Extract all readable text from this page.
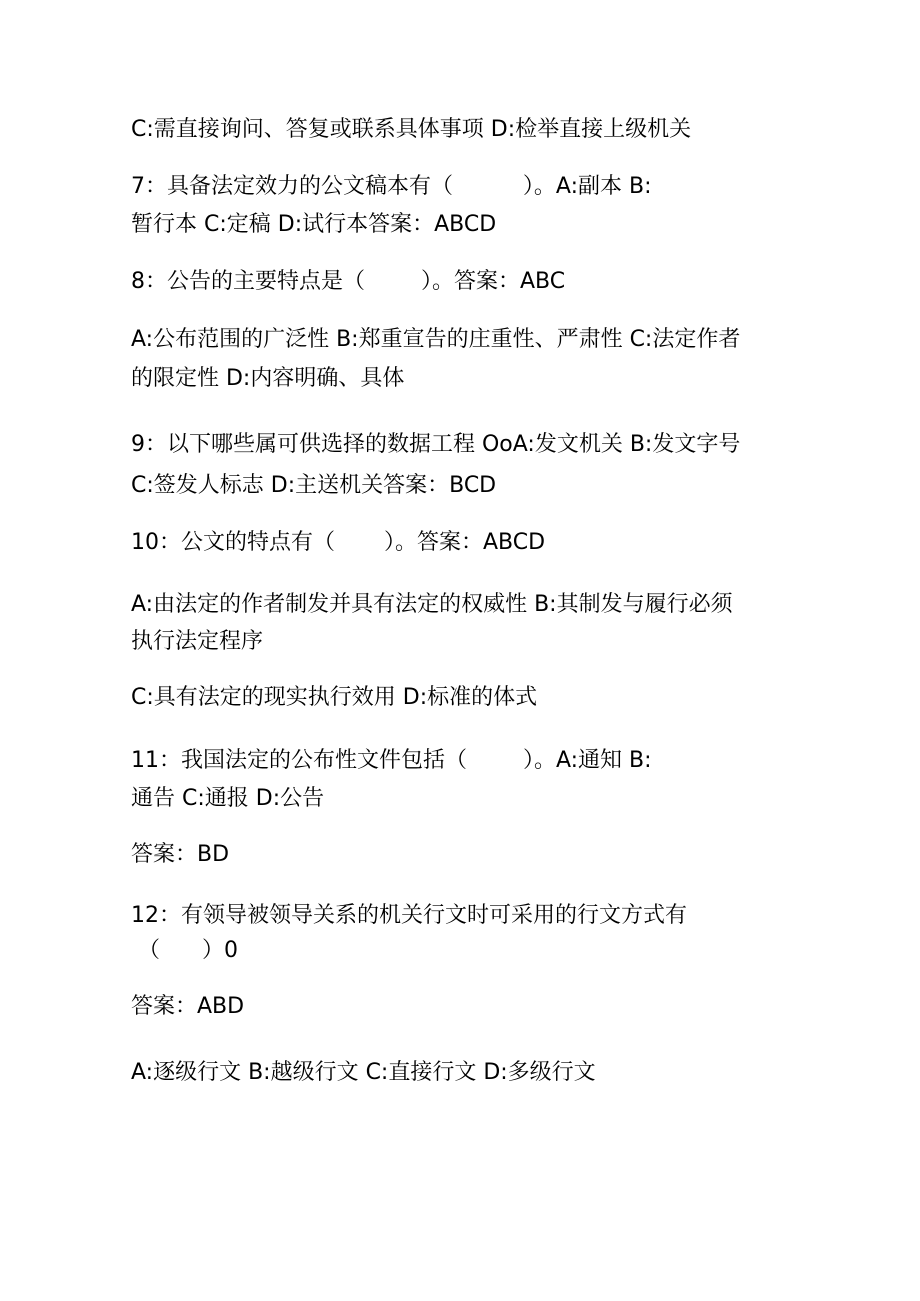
C:需直接询问、答复或联系具体事项 D:检举直接上级机关

7：具备法定效力的公文稿本有（          ）。A:副本 B:

暂行本 C:定稿 D:试行本答案：ABCD

8：公告的主要特点是（        ）。答案：ABC

A:公布范围的广泛性 B:郑重宣告的庄重性、严肃性 C:法定作者

的限定性 D:内容明确、具体

9：以下哪些属可供选择的数据工程 OoA:发文机关 B:发文字号

C:签发人标志 D:主送机关答案：BCD

10：公文的特点有（       ）。答案：ABCD

A:由法定的作者制发并具有法定的权威性 B:其制发与履行必须

执行法定程序

C:具有法定的现实执行效用 D:标准的体式

11：我国法定的公布性文件包括（        ）。A:通知 B:

通告 C:通报 D:公告

答案：BD

12：有领导被领导关系的机关行文时可采用的行文方式有

（      ）0

答案：ABD

A:逐级行文 B:越级行文 C:直接行文 D:多级行文
